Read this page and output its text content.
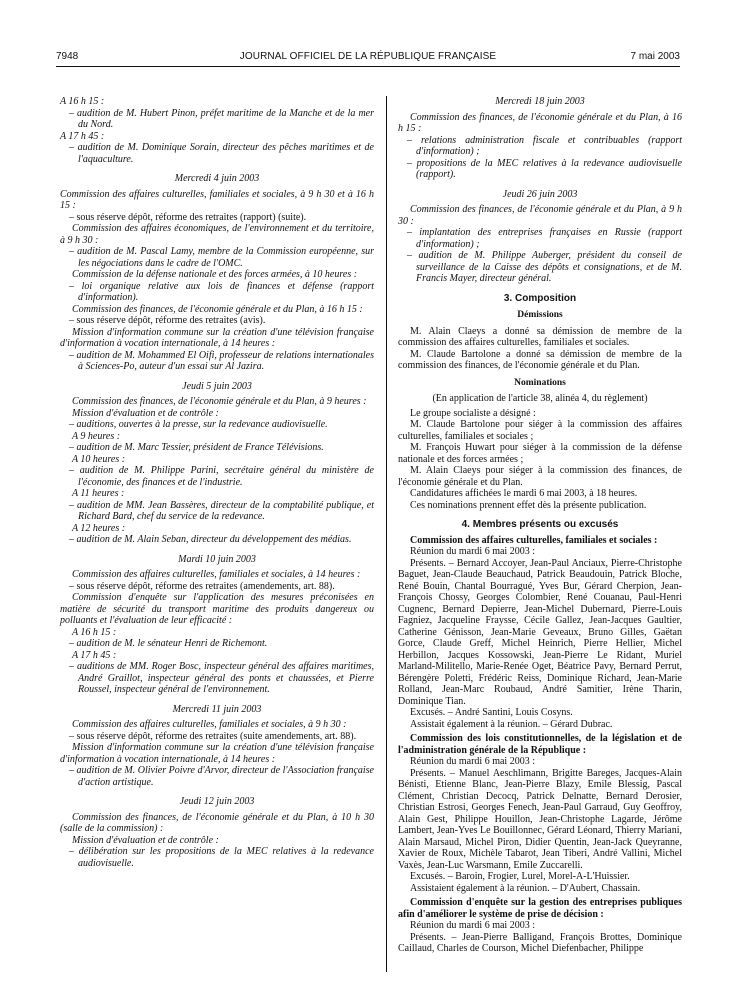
7948	JOURNAL OFFICIEL DE LA RÉPUBLIQUE FRANÇAISE	7 mai 2003

A 16 h 15 :

– audition de M. Hubert Pinon, préfet maritime de la Manche et de la mer du Nord.

A 17 h 45 :

– audition de M. Dominique Sorain, directeur des pêches maritimes et de l'aquaculture.

Mercredi 4 juin 2003

Commission des affaires culturelles, familiales et sociales, à 9 h 30 et à 16 h 15 :

– sous réserve dépôt, réforme des retraites (rapport) (suite).

Commission des affaires économiques, de l'environnement et du territoire, à 9 h 30 :

– audition de M. Pascal Lamy, membre de la Commission européenne, sur les négociations dans le cadre de l'OMC.

Commission de la défense nationale et des forces armées, à 10 heures :

– loi organique relative aux lois de finances et défense (rapport d'information).

Commission des finances, de l'économie générale et du Plan, à 16 h 15 :

– sous réserve dépôt, réforme des retraites (avis).

Mission d'information commune sur la création d'une télévision française d'information à vocation internationale, à 14 heures :

– audition de M. Mohammed El Oifi, professeur de relations internationales à Sciences-Po, auteur d'un essai sur Al Jazira.

Jeudi 5 juin 2003

Commission des finances, de l'économie générale et du Plan, à 9 heures :

Mission d'évaluation et de contrôle :

– auditions, ouvertes à la presse, sur la redevance audiovisuelle.

A 9 heures :

– audition de M. Marc Tessier, président de France Télévisions.

A 10 heures :

– audition de M. Philippe Parini, secrétaire général du ministère de l'économie, des finances et de l'industrie.

A 11 heures :

– audition de MM. Jean Bassères, directeur de la comptabilité publique, et Richard Bard, chef du service de la redevance.

A 12 heures :

– audition de M. Alain Seban, directeur du développement des médias.

Mardi 10 juin 2003

Commission des affaires culturelles, familiales et sociales, à 14 heures :

– sous réserve dépôt, réforme des retraites (amendements, art. 88).

Commission d'enquête sur l'application des mesures préconisées en matière de sécurité du transport maritime des produits dangereux ou polluants et l'évaluation de leur efficacité :

A 16 h 15 :

– audition de M. le sénateur Henri de Richemont.

A 17 h 45 :

– auditions de MM. Roger Bosc, inspecteur général des affaires maritimes, André Graillot, inspecteur général des ponts et chaussées, et Pierre Roussel, inspecteur général de l'environnement.

Mercredi 11 juin 2003

Commission des affaires culturelles, familiales et sociales, à 9 h 30 :

– sous réserve dépôt, réforme des retraites (suite amendements, art. 88).

Mission d'information commune sur la création d'une télévision française d'information à vocation internationale, à 14 heures :

– audition de M. Olivier Poivre d'Arvor, directeur de l'Association française d'action artistique.

Jeudi 12 juin 2003

Commission des finances, de l'économie générale et du Plan, à 10 h 30 (salle de la commission) :

Mission d'évaluation et de contrôle :

– délibération sur les propositions de la MEC relatives à la redevance audiovisuelle.

Mercredi 18 juin 2003

Commission des finances, de l'économie générale et du Plan, à 16 h 15 :

– relations administration fiscale et contribuables (rapport d'information) ;

– propositions de la MEC relatives à la redevance audiovisuelle (rapport).

Jeudi 26 juin 2003

Commission des finances, de l'économie générale et du Plan, à 9 h 30 :

– implantation des entreprises françaises en Russie (rapport d'information) ;

– audition de M. Philippe Auberger, président du conseil de surveillance de la Caisse des dépôts et consignations, et de M. Francis Mayer, directeur général.

3. Composition

Démissions

M. Alain Claeys a donné sa démission de membre de la commission des affaires culturelles, familiales et sociales.

M. Claude Bartolone a donné sa démission de membre de la commission des finances, de l'économie générale et du Plan.

Nominations

(En application de l'article 38, alinéa 4, du règlement)

Le groupe socialiste a désigné :

M. Claude Bartolone pour siéger à la commission des affaires culturelles, familiales et sociales ;

M. François Huwart pour siéger à la commission de la défense nationale et des forces armées ;

M. Alain Claeys pour siéger à la commission des finances, de l'économie générale et du Plan.

Candidatures affichées le mardi 6 mai 2003, à 18 heures.

Ces nominations prennent effet dès la présente publication.

4. Membres présents ou excusés

Commission des affaires culturelles, familiales et sociales :

Réunion du mardi 6 mai 2003 :

Présents. – Bernard Accoyer, Jean-Paul Anciaux, Pierre-Christophe Baguet, Jean-Claude Beauchaud, Patrick Beaudouin, Patrick Bloche, René Bouin, Chantal Bourragué, Yves Bur, Gérard Cherpion, Jean-François Chossy, Georges Colombier, René Couanau, Paul-Henri Cugnenc, Bernard Depierre, Jean-Michel Dubernard, Pierre-Louis Fagniez, Jacqueline Fraysse, Cécile Gallez, Jean-Jacques Gaultier, Catherine Génisson, Jean-Marie Geveaux, Bruno Gilles, Gaëtan Gorce, Claude Greff, Michel Heinrich, Pierre Hellier, Michel Herbillon, Jacques Kossowski, Jean-Pierre Le Ridant, Muriel Marland-Militello, Marie-Renée Oget, Béatrice Pavy, Bernard Perrut, Bérengère Poletti, Frédéric Reiss, Dominique Richard, Jean-Marie Rolland, Jean-Marc Roubaud, André Samitier, Irène Tharin, Dominique Tian.

Excusés. – André Santini, Louis Cosyns.

Assistait également à la réunion. – Gérard Dubrac.

Commission des lois constitutionnelles, de la législation et de l'administration générale de la République :

Réunion du mardi 6 mai 2003 :

Présents. – Manuel Aeschlimann, Brigitte Bareges, Jacques-Alain Bénisti, Etienne Blanc, Jean-Pierre Blazy, Emile Blessig, Pascal Clément, Christian Decocq, Patrick Delnatte, Bernard Derosier, Christian Estrosi, Georges Fenech, Jean-Paul Garraud, Guy Geoffroy, Alain Gest, Philippe Houillon, Jean-Christophe Lagarde, Jérôme Lambert, Jean-Yves Le Bouillonnec, Gérard Léonard, Thierry Mariani, Alain Marsaud, Michel Piron, Didier Quentin, Jean-Jack Queyranne, Xavier de Roux, Michèle Tabarot, Jean Tiberi, André Vallini, Michel Vaxès, Jean-Luc Warsmann, Emile Zuccarelli.

Excusés. – Baroin, Frogier, Lurel, Morel-A-L'Huissier.

Assistaient également à la réunion. – D'Aubert, Chassain.

Commission d'enquête sur la gestion des entreprises publiques afin d'améliorer le système de prise de décision :

Réunion du mardi 6 mai 2003 :

Présents. – Jean-Pierre Balligand, François Brottes, Dominique Caillaud, Charles de Courson, Michel Diefenbacher, Philippe
